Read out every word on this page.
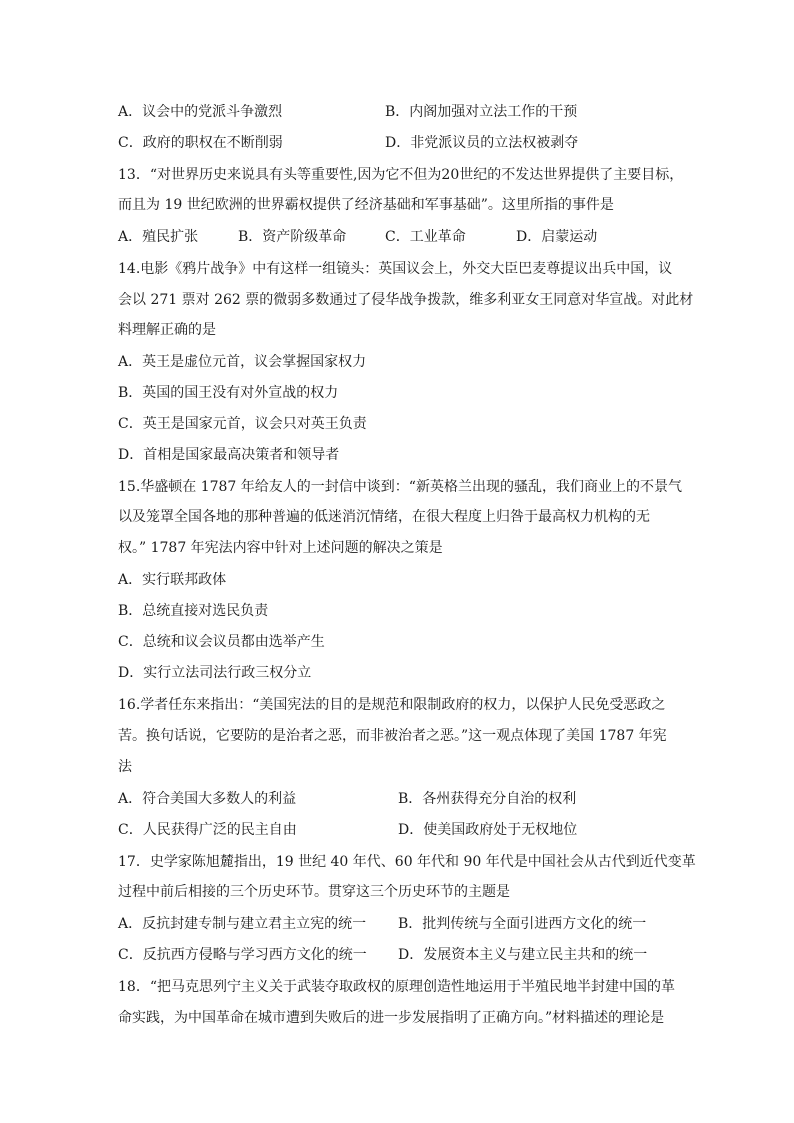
A．议会中的党派斗争激烈	B．内阁加强对立法工作的干预
C．政府的职权在不断削弱	D．非党派议员的立法权被剥夺
13．“对世界历史来说具有头等重要性,因为它不但为20世纪的不发达世界提供了主要目标，
而且为 19 世纪欧洲的世界霸权提供了经济基础和军事基础”。这里所指的事件是
A．殖民扩张	B．资产阶级革命	C．工业革命	D．启蒙运动
14.电影《鸦片战争》中有这样一组镜头：英国议会上，外交大臣巴麦尊提议出兵中国，议
会以 271 票对 262 票的微弱多数通过了侵华战争拨款，维多利亚女王同意对华宣战。对此材
料理解正确的是
A．英王是虚位元首，议会掌握国家权力
B．英国的国王没有对外宣战的权力
C．英王是国家元首，议会只对英王负责
D．首相是国家最高决策者和领导者
15.华盛顿在 1787 年给友人的一封信中谈到：“新英格兰出现的骚乱，我们商业上的不景气
以及笼罩全国各地的那种普遍的低迷消沉情绪，在很大程度上归咎于最高权力机构的无
权。” 1787 年宪法内容中针对上述问题的解决之策是
A．实行联邦政体
B．总统直接对选民负责
C．总统和议会议员都由选举产生
D．实行立法司法行政三权分立
16.学者任东来指出：“美国宪法的目的是规范和限制政府的权力，以保护人民免受恶政之
苦。换句话说，它要防的是治者之恶，而非被治者之恶。”这一观点体现了美国 1787 年宪
法
A．符合美国大多数人的利益	B．各州获得充分自治的权利
C．人民获得广泛的民主自由	D．使美国政府处于无权地位
17．史学家陈旭麓指出，19 世纪 40 年代、60 年代和 90 年代是中国社会从古代到近代变革
过程中前后相接的三个历史环节。贯穿这三个历史环节的主题是
A．反抗封建专制与建立君主立宪的统一 B．批判传统与全面引进西方文化的统一
C．反抗西方侵略与学习西方文化的统一 D．发展资本主义与建立民主共和的统一
18．“把马克思列宁主义关于武装夺取政权的原理创造性地运用于半殖民地半封建中国的革
命实践，为中国革命在城市遭到失败后的进一步发展指明了正确方向。”材料描述的理论是
